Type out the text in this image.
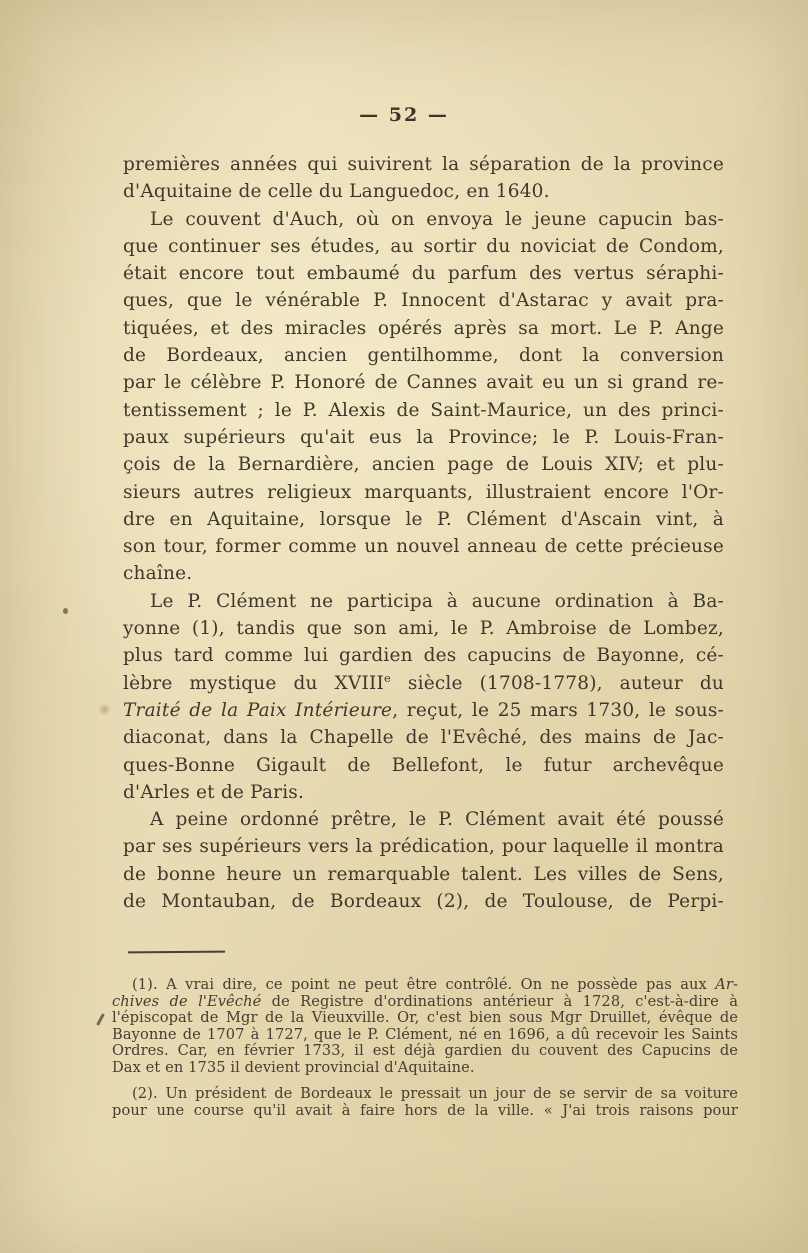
— 52 —
premières années qui suivirent la séparation de la province
d'Aquitaine de celle du Languedoc, en 1640.
Le couvent d'Auch, où on envoya le jeune capucin bas-
que continuer ses études, au sortir du noviciat de Condom,
était encore tout embaumé du parfum des vertus séraphi-
ques, que le vénérable P. Innocent d'Astarac y avait pra-
tiquées, et des miracles opérés après sa mort. Le P. Ange
de Bordeaux, ancien gentilhomme, dont la conversion
par le célèbre P. Honoré de Cannes avait eu un si grand re-
tentissement ; le P. Alexis de Saint-Maurice, un des princi-
paux supérieurs qu'ait eus la Province; le P. Louis-Fran-
çois de la Bernardière, ancien page de Louis XIV; et plu-
sieurs autres religieux marquants, illustraient encore l'Or-
dre en Aquitaine, lorsque le P. Clément d'Ascain vint, à
son tour, former comme un nouvel anneau de cette précieuse
chaîne.
Le P. Clément ne participa à aucune ordination à Ba-
yonne (1), tandis que son ami, le P. Ambroise de Lombez,
plus tard comme lui gardien des capucins de Bayonne, cé-
lèbre mystique du XVIIIe siècle (1708-1778), auteur du
Traité de la Paix Intérieure, reçut, le 25 mars 1730, le sous-
diaconat, dans la Chapelle de l'Evêché, des mains de Jac-
ques-Bonne Gigault de Bellefont, le futur archevêque
d'Arles et de Paris.
A peine ordonné prêtre, le P. Clément avait été poussé
par ses supérieurs vers la prédication, pour laquelle il montra
de bonne heure un remarquable talent. Les villes de Sens,
de Montauban, de Bordeaux (2), de Toulouse, de Perpi-
(1). A vrai dire, ce point ne peut être contrôlé. On ne possède pas aux Ar-
chives de l'Evêché de Registre d'ordinations antérieur à 1728, c'est-à-dire à
l'épiscopat de Mgr de la Vieuxville. Or, c'est bien sous Mgr Druillet, évêque de
Bayonne de 1707 à 1727, que le P. Clément, né en 1696, a dû recevoir les Saints
Ordres. Car, en février 1733, il est déjà gardien du couvent des Capucins de
Dax et en 1735 il devient provincial d'Aquitaine.
(2). Un président de Bordeaux le pressait un jour de se servir de sa voiture
pour une course qu'il avait à faire hors de la ville. « J'ai trois raisons pour
